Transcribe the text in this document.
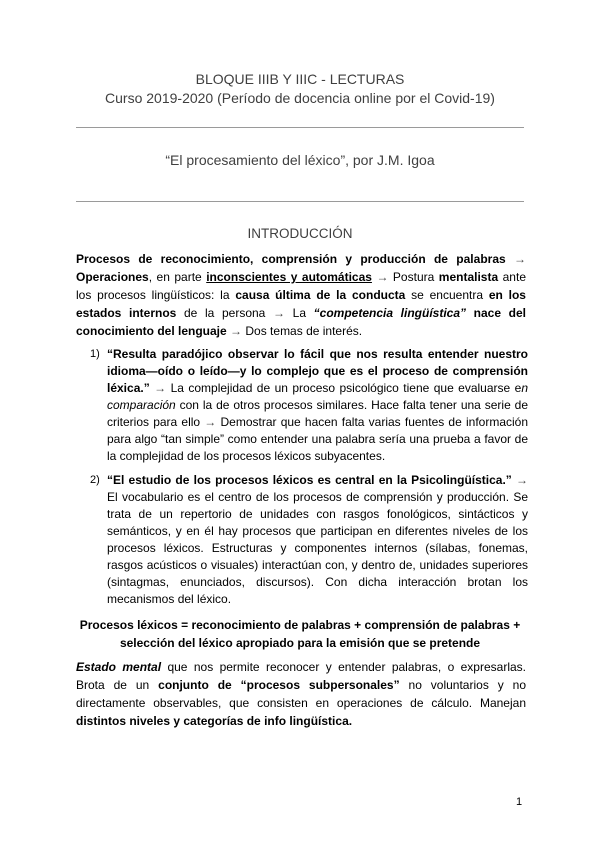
BLOQUE IIIB Y IIIC - LECTURAS
Curso 2019-2020 (Período de docencia online por el Covid-19)
“El procesamiento del léxico”, por J.M. Igoa
INTRODUCCIÓN
Procesos de reconocimiento, comprensión y producción de palabras → Operaciones, en parte inconscientes y automáticas → Postura mentalista ante los procesos lingüísticos: la causa última de la conducta se encuentra en los estados internos de la persona → La “competencia lingüística” nace del conocimiento del lenguaje → Dos temas de interés.
1) “Resulta paradójico observar lo fácil que nos resulta entender nuestro idioma—oído o leído—y lo complejo que es el proceso de comprensión léxica.” → La complejidad de un proceso psicológico tiene que evaluarse en comparación con la de otros procesos similares. Hace falta tener una serie de criterios para ello → Demostrar que hacen falta varias fuentes de información para algo “tan simple” como entender una palabra sería una prueba a favor de la complejidad de los procesos léxicos subyacentes.
2) “El estudio de los procesos léxicos es central en la Psicolingüística.” → El vocabulario es el centro de los procesos de comprensión y producción. Se trata de un repertorio de unidades con rasgos fonológicos, sintácticos y semánticos, y en él hay procesos que participan en diferentes niveles de los procesos léxicos. Estructuras y componentes internos (sílabas, fonemas, rasgos acústicos o visuales) interactúan con, y dentro de, unidades superiores (sintagmas, enunciados, discursos). Con dicha interacción brotan los mecanismos del léxico.
Procesos léxicos = reconocimiento de palabras + comprensión de palabras + selección del léxico apropiado para la emisión que se pretende
Estado mental que nos permite reconocer y entender palabras, o expresarlas. Brota de un conjunto de “procesos subpersonales” no voluntarios y no directamente observables, que consisten en operaciones de cálculo. Manejan distintos niveles y categorías de info lingüística.
1
